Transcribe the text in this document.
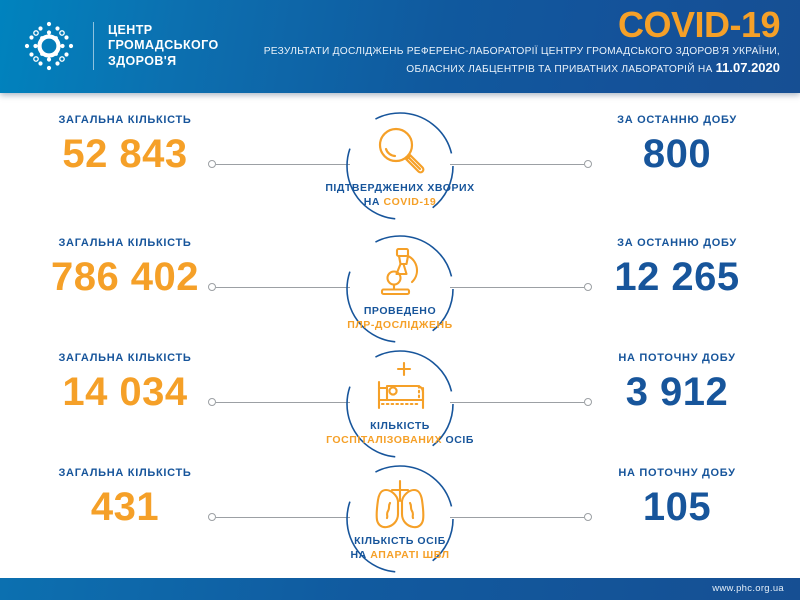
ЦЕНТР
ГРОМАДСЬКОГО
ЗДОРОВ'Я
COVID-19
РЕЗУЛЬТАТИ ДОСЛІДЖЕНЬ РЕФЕРЕНС-ЛАБОРАТОРІЇ ЦЕНТРУ ГРОМАДСЬКОГО ЗДОРОВ'Я УКРАЇНИ,
ОБЛАСНИХ ЛАБЦЕНТРІВ ТА ПРИВАТНИХ ЛАБОРАТОРІЙ НА 11.07.2020
ЗАГАЛЬНА КІЛЬКІСТЬ
52 843
ПІДТВЕРДЖЕНИХ ХВОРИХ
НА COVID-19
ЗА ОСТАННЮ ДОБУ
800
ЗАГАЛЬНА КІЛЬКІСТЬ
786 402
ПРОВЕДЕНО
ПЛР-ДОСЛІДЖЕНЬ
ЗА ОСТАННЮ ДОБУ
12 265
ЗАГАЛЬНА КІЛЬКІСТЬ
14 034
КІЛЬКІСТЬ
ГОСПІТАЛІЗОВАНИХ ОСІБ
НА ПОТОЧНУ ДОБУ
3 912
ЗАГАЛЬНА КІЛЬКІСТЬ
431
КІЛЬКІСТЬ ОСІБ
НА АПАРАТІ ШВЛ
НА ПОТОЧНУ ДОБУ
105
www.phc.org.ua
